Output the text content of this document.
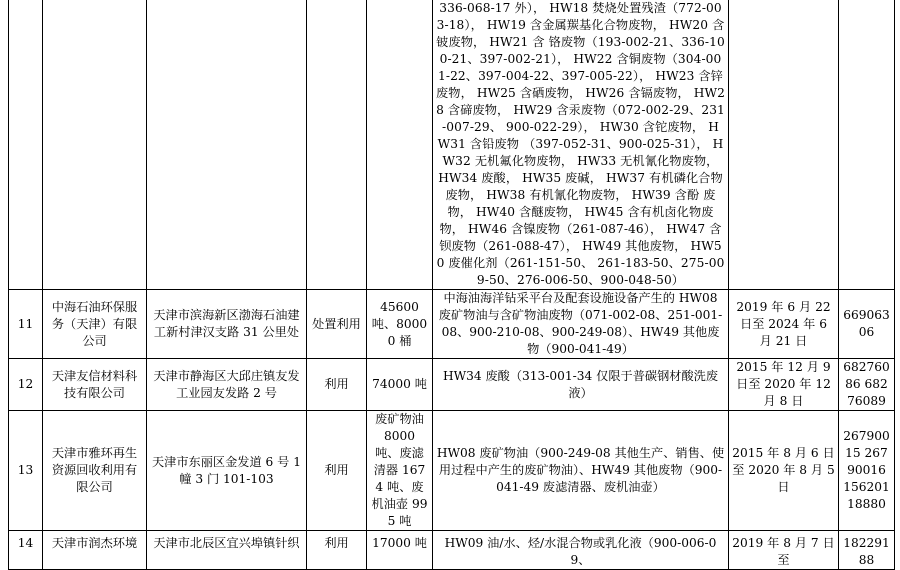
					336-068-17 外）， HW18 焚烧处置残渣（772-003-18）， HW19 含金属羰基化合物废物， HW20 含铍废物， HW21 含 铬废物（193-002-21、336-100-21、397-002-21）， HW22 含铜废物（304-001-22、397-004-22、397-005-22）， HW23 含锌废物， HW25 含硒废物， HW26 含镉废物， HW28 含碲废物， HW29 含汞废物（072-002-29、231-007-29、 900-022-29）， HW30 含铊废物， HW31 含铅废物 （397-052-31、900-025-31）， HW32 无机氟化物废物， HW33 无机氰化物废物， HW34 废酸， HW35 废碱， HW37 有机磷化合物废物， HW38 有机氰化物废物， HW39 含酚 废物， HW40 含醚废物， HW45 含有机卤化物废物， HW46 含镍废物（261-087-46）， HW47 含钡废物（261-088-47）， HW49 其他废物， HW50 废催化剂（261-151-50、 261-183-50、275-009-50、276-006-50、900-048-50）		
11	中海石油环保服务（天津）有限公司	天津市滨海新区渤海石油建工新村津汉支路 31 公里处	处置利用	45600 吨、80000 桶	中海油海洋钻采平台及配套设施设备产生的 HW08 废矿物油与含矿物油废物（071-002-08、251-001-08、900-210-08、900-249-08）、HW49 其他废物（900-041-49）	2019 年 6 月 22 日至 2024 年 6 月 21 日	66906306
12	天津友信材料科技有限公司	天津市静海区大邱庄镇友发工业园友发路 2 号	利用	74000 吨	HW34 废酸（313-001-34 仅限于普碳钢材酸洗废液）	2015 年 12 月 9 日至 2020 年 12 月 8 日	68276086 68276089
13	天津市雅环再生资源回收利用有限公司	天津市东丽区金发道 6 号 1 幢 3 门 101-103	利用	废矿物油 8000 吨、废滤清器 1674 吨、废机油壶 995 吨	HW08 废矿物油（900-249-08 其他生产、销售、使用过程中产生的废矿物油）、HW49 其他废物（900-041-49 废滤清器、废机油壶）	2015 年 8 月 6 日至 2020 年 8 月 5 日	26790015 26790016 15620118880
14	天津市润杰环境	天津市北辰区宜兴埠镇针织	利用	17000 吨	HW09 油/水、烃/水混合物或乳化液（900-006-09、	2019 年 8 月 7 日至	18229188
